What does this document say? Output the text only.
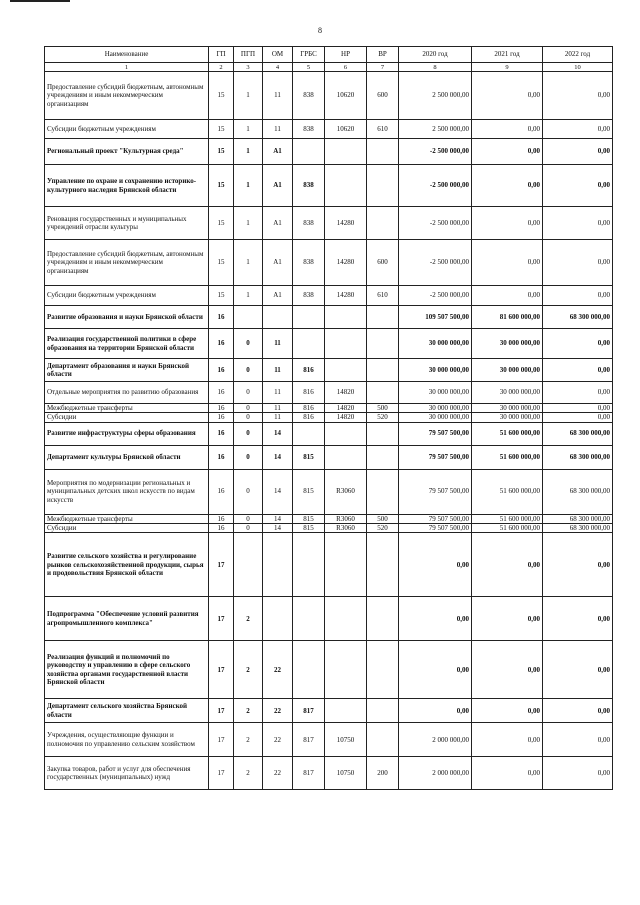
8
Наименование	ГП	ПГП	ОМ	ГРБС	НР	ВР	2020 год	2021 год	2022 год
1	2	3	4	5	6	7	8	9	10
Предоставление субсидий бюджетным, автономным учреждениям и иным некоммерческим организациям	15	1	11	838	10620	600	2 500 000,00	0,00	0,00
Субсидии бюджетным учреждениям	15	1	11	838	10620	610	2 500 000,00	0,00	0,00
Региональный проект "Культурная среда"	15	1	A1				-2 500 000,00	0,00	0,00
Управление по охране и сохранению историко-культурного наследия Брянской области	15	1	A1	838			-2 500 000,00	0,00	0,00
Реновация государственных и муниципальных учреждений отрасли культуры	15	1	A1	838	14280		-2 500 000,00	0,00	0,00
Предоставление субсидий бюджетным, автономным учреждениям и иным некоммерческим организациям	15	1	A1	838	14280	600	-2 500 000,00	0,00	0,00
Субсидии бюджетным учреждениям	15	1	A1	838	14280	610	-2 500 000,00	0,00	0,00
Развитие образования и науки Брянской области	16						109 507 500,00	81 600 000,00	68 300 000,00
Реализация государственной политики в сфере образования на территории Брянской области	16	0	11				30 000 000,00	30 000 000,00	0,00
Департамент образования и науки Брянской области	16	0	11	816			30 000 000,00	30 000 000,00	0,00
Отдельные мероприятия по развитию образования	16	0	11	816	14820		30 000 000,00	30 000 000,00	0,00
Межбюджетные трансферты	16	0	11	816	14820	500	30 000 000,00	30 000 000,00	0,00
Субсидии	16	0	11	816	14820	520	30 000 000,00	30 000 000,00	0,00
Развитие инфраструктуры сферы образования	16	0	14				79 507 500,00	51 600 000,00	68 300 000,00
Департамент культуры Брянской области	16	0	14	815			79 507 500,00	51 600 000,00	68 300 000,00
Мероприятия по модернизации региональных и муниципальных детских школ искусств по видам искусств	16	0	14	815	R3060		79 507 500,00	51 600 000,00	68 300 000,00
Межбюджетные трансферты	16	0	14	815	R3060	500	79 507 500,00	51 600 000,00	68 300 000,00
Субсидии	16	0	14	815	R3060	520	79 507 500,00	51 600 000,00	68 300 000,00
Развитие сельского хозяйства и регулирование рынков сельскохозяйственной продукции, сырья и продовольствия Брянской области	17						0,00	0,00	0,00
Подпрограмма "Обеспечение условий развития агропромышленного комплекса"	17	2					0,00	0,00	0,00
Реализация функций и полномочий по руководству и управлению в сфере сельского хозяйства органами государственной власти Брянской области	17	2	22				0,00	0,00	0,00
Департамент сельского хозяйства Брянской области	17	2	22	817			0,00	0,00	0,00
Учреждения, осуществляющие функции и полномочия по управлению сельским хозяйством	17	2	22	817	10750		2 000 000,00	0,00	0,00
Закупка товаров, работ и услуг для обеспечения государственных (муниципальных) нужд	17	2	22	817	10750	200	2 000 000,00	0,00	0,00
